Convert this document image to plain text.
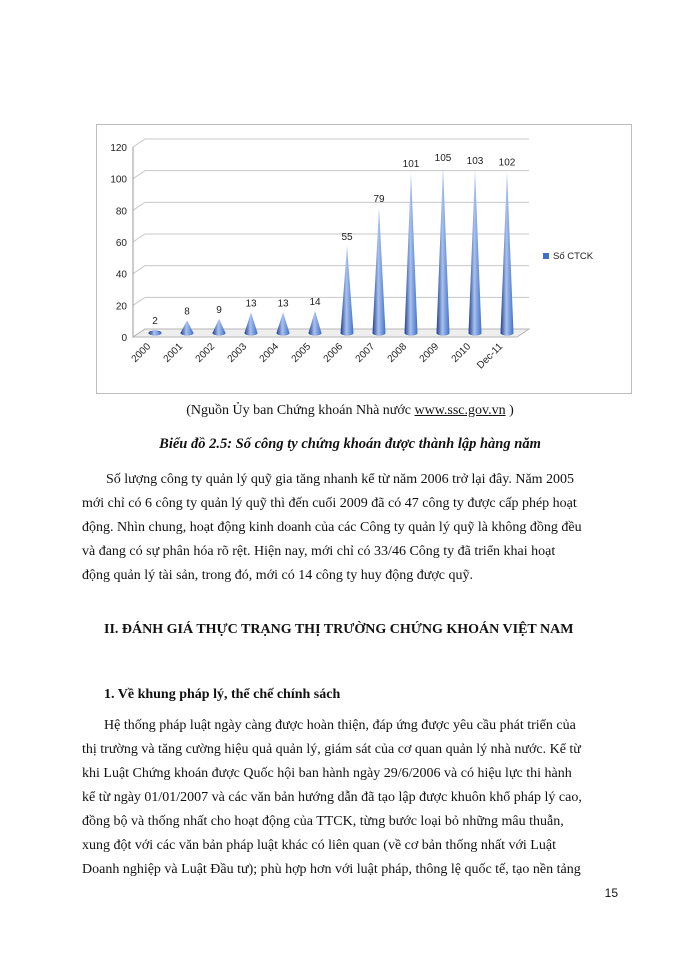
0
20
40
60
80
100
120
2
2000
8
2001
9
2002
13
2003
13
2004
14
2005
55
2006
79
2007
101
2008
105
2009
103
2010
102
Dec-11
Số CTCK
(Nguồn Ủy ban Chứng khoán Nhà nước www.ssc.gov.vn )
Biểu đồ 2.5: Số công ty chứng khoán được thành lập hàng năm

Số lượng công ty quản lý quỹ gia tăng nhanh kể từ năm 2006 trở lại đây. Năm 2005
mới chỉ có 6 công ty quản lý quỹ thì đến cuối 2009 đã có 47 công ty được cấp phép hoạt
động. Nhìn chung, hoạt động kinh doanh của các Công ty quản lý quỹ là không đồng đều
và đang có sự phân hóa rõ rệt. Hiện nay, mới chỉ có 33/46 Công ty đã triển khai hoạt
động quản lý tài sản, trong đó, mới có 14 công ty huy động được quỹ.

II. ĐÁNH GIÁ THỰC TRẠNG THỊ TRƯỜNG CHỨNG KHOÁN VIỆT NAM
1. Về khung pháp lý, thể chế chính sách

Hệ thống pháp luật ngày càng được hoàn thiện, đáp ứng được yêu cầu phát triển của
thị trường và tăng cường hiệu quả quản lý, giám sát của cơ quan quản lý nhà nước. Kể từ
khi Luật Chứng khoán được Quốc hội ban hành ngày 29/6/2006 và có hiệu lực thi hành
kể từ ngày 01/01/2007 và các văn bản hướng dẫn đã tạo lập được khuôn khổ pháp lý cao,
đồng bộ và thống nhất cho hoạt động của TTCK, từng bước loại bỏ những mâu thuẫn,
xung đột với các văn bản pháp luật khác có liên quan (về cơ bản thống nhất với Luật
Doanh nghiệp và Luật Đầu tư); phù hợp hơn với luật pháp, thông lệ quốc tế, tạo nền tảng

15
